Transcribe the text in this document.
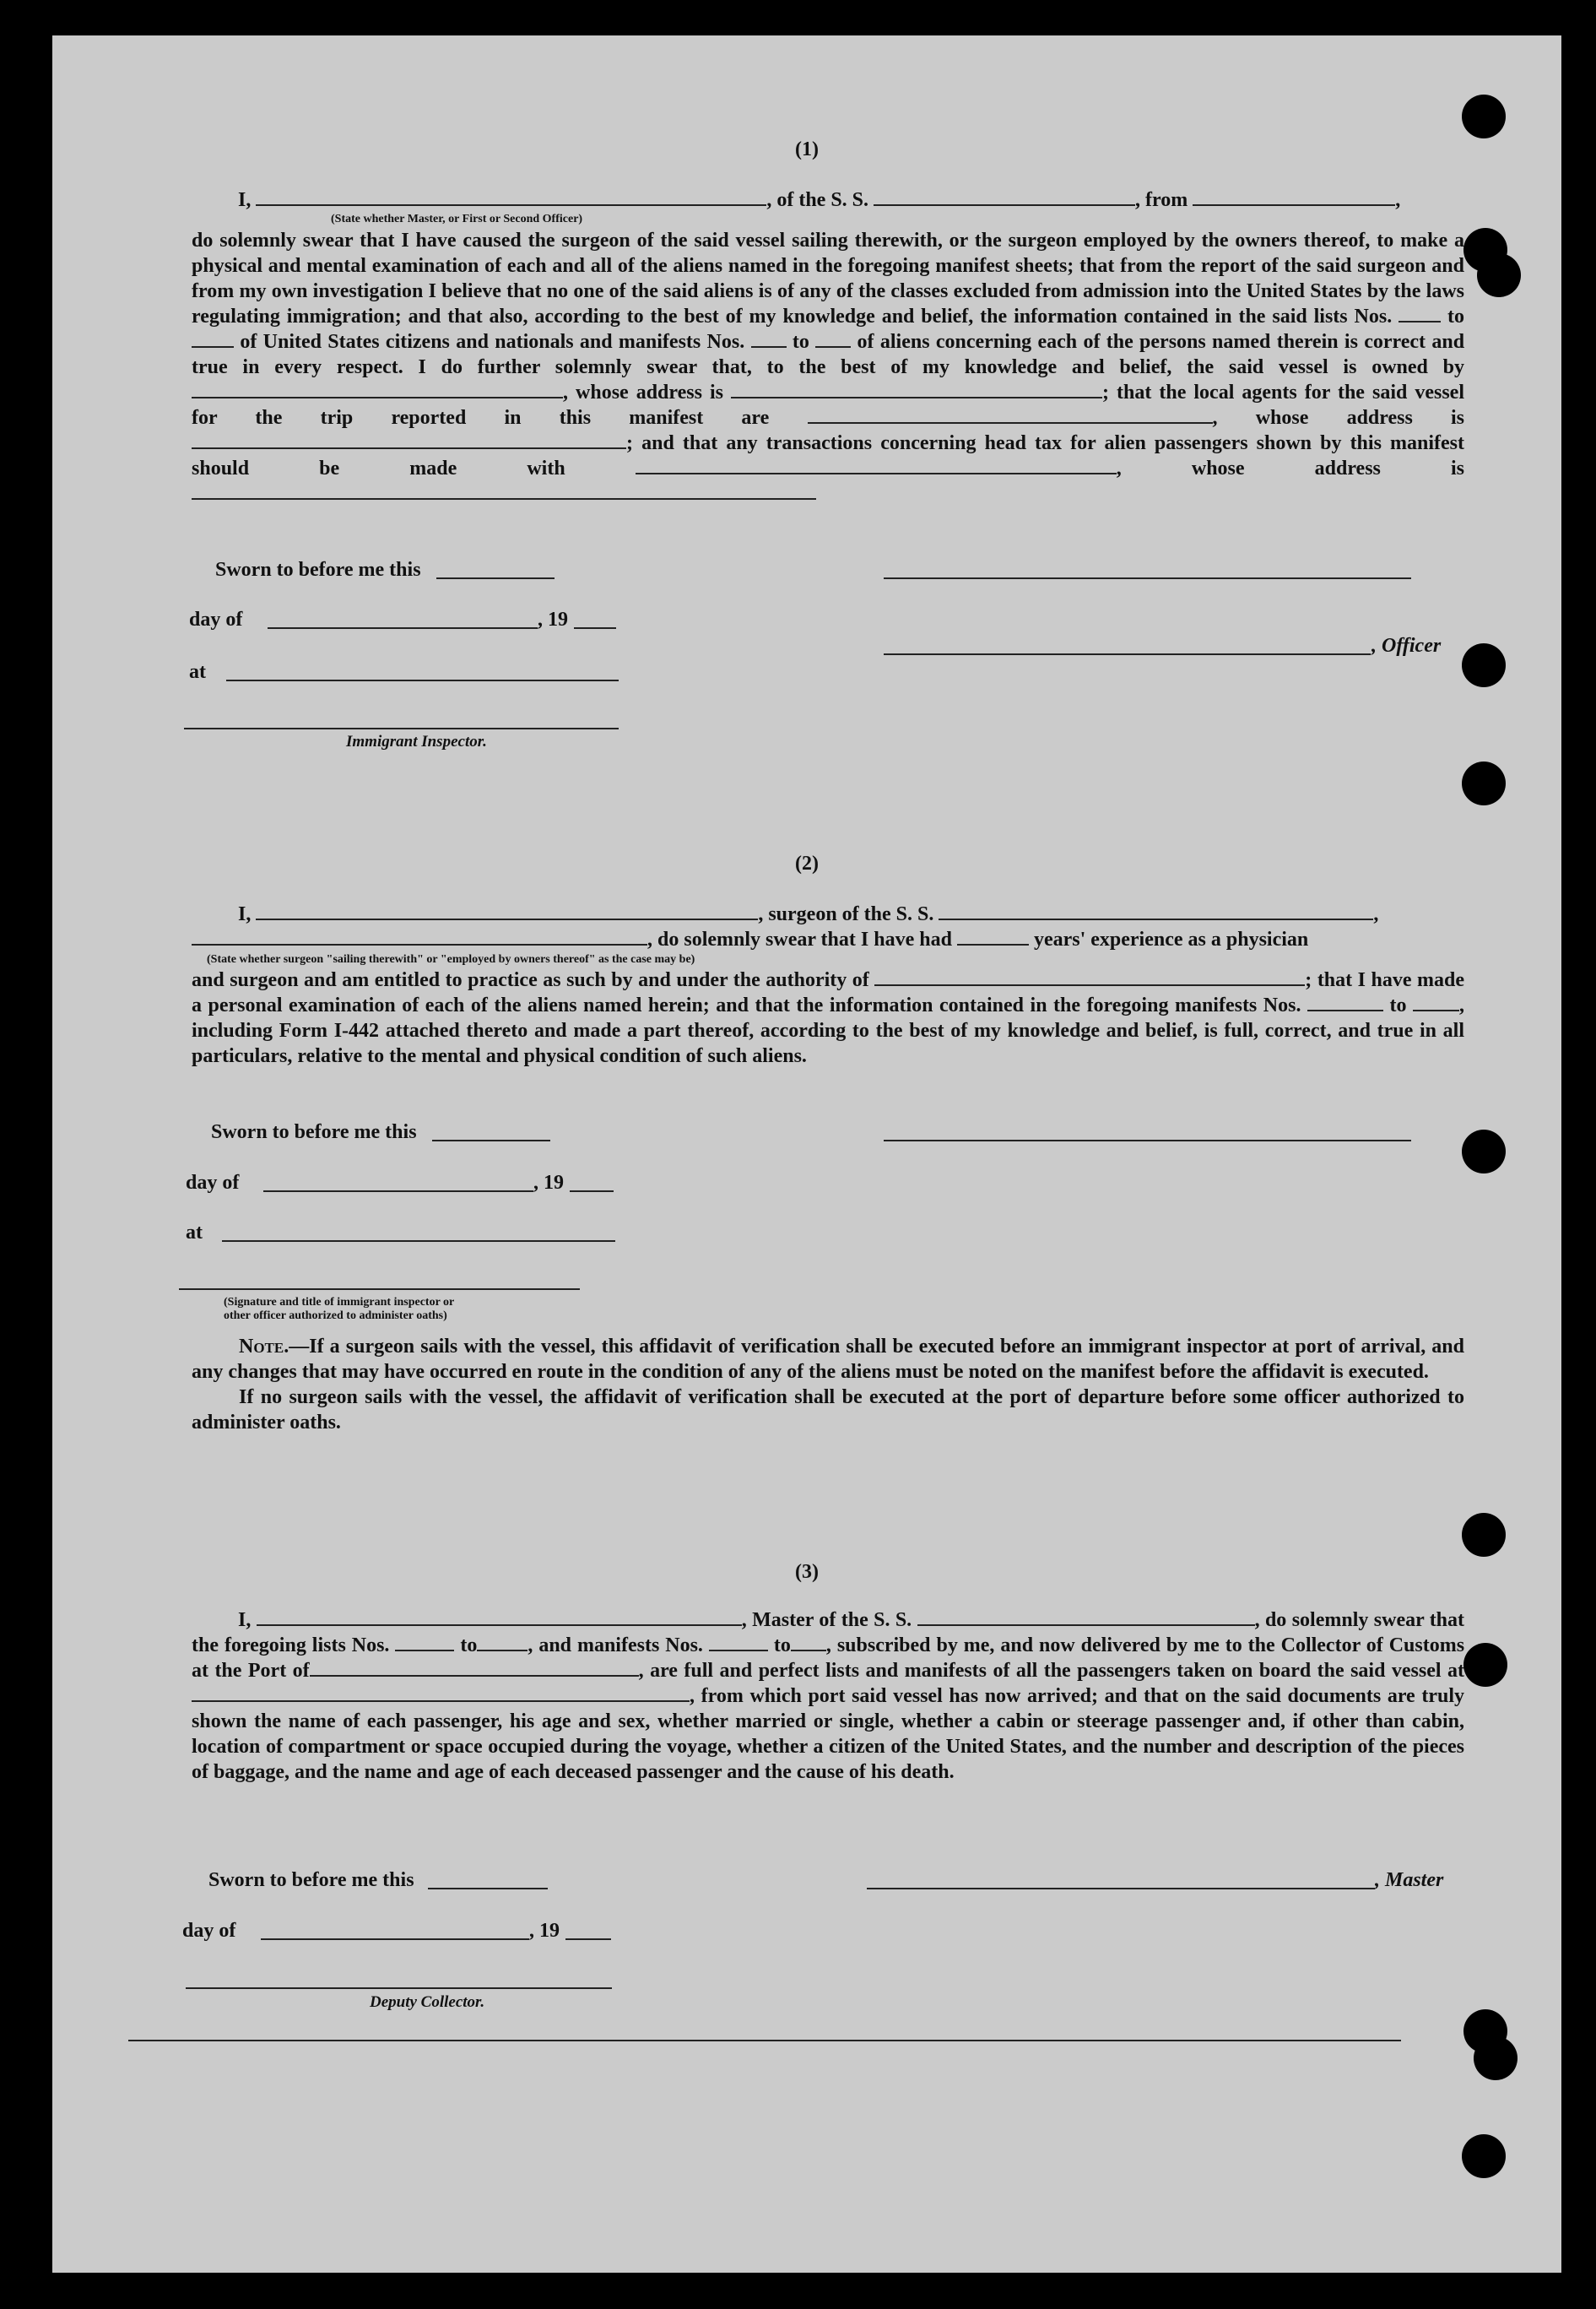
(1)

I,	, of the S. S.	, from	,

(State whether Master, or First or Second Officer)

do solemnly swear that I have caused the surgeon of the said vessel sailing therewith, or the surgeon employed by the owners thereof, to make a physical and mental examination of each and all of the aliens named in the foregoing manifest sheets; that from the report of the said surgeon and from my own investigation I believe that no one of the said aliens is of any of the classes excluded from admission into the United States by the laws regulating immigration; and that also, according to the best of my knowledge and belief, the information contained in the said lists Nos.	to  of United States citizens and nationals and manifests Nos. to of aliens concerning each of the persons named therein is correct and true in every respect. I do further solemnly swear that, to the best of my knowledge and belief, the said vessel is owned by , whose address is	; that the local agents for the said vessel for the trip reported in this manifest are	, whose address is ; and that any transactions concerning head tax for alien passengers shown by this manifest should be made with	, whose address is

Sworn to before me this
day of	, 19
, Officer
at
Immigrant Inspector.
(2)

I,	, surgeon of the S. S.	,

, do solemnly swear that I have had	years' experience as a physician

(State whether surgeon "sailing therewith" or "employed by owners thereof" as the case may be)

and surgeon and am entitled to practice as such by and under the authority of	; that I have made a personal examination of each of the aliens named herein; and that the information contained in the foregoing manifests Nos.	to	, including Form I-442 attached thereto and made a part thereof, according to the best of my knowledge and belief, is full, correct, and true in all particulars, relative to the mental and physical condition of such aliens.

Sworn to before me this
day of	, 19
at
(Signature and title of immigrant inspector or
other officer authorized to administer oaths)

Note.—If a surgeon sails with the vessel, this affidavit of verification shall be executed before an immigrant inspector at port of arrival, and any changes that may have occurred en route in the condition of any of the aliens must be noted on the manifest before the affidavit is executed.

If no surgeon sails with the vessel, the affidavit of verification shall be executed at the port of departure before some officer authorized to administer oaths.

(3)

I,	, Master of the S. S.	, do solemnly swear that the foregoing lists Nos.	to	, and manifests Nos.	to , subscribed by me, and now delivered by me to the Collector of Customs at the Port of	, are full and perfect lists and manifests of all the passengers taken on board the said vessel at , from which port said vessel has now arrived; and that on the said documents are truly shown the name of each passenger, his age and sex, whether married or single, whether a cabin or steerage passenger and, if other than cabin, location of compartment or space occupied during the voyage, whether a citizen of the United States, and the number and description of the pieces of baggage, and the name and age of each deceased passenger and the cause of his death.

Sworn to before me this	, Master
day of	, 19
Deputy Collector.
